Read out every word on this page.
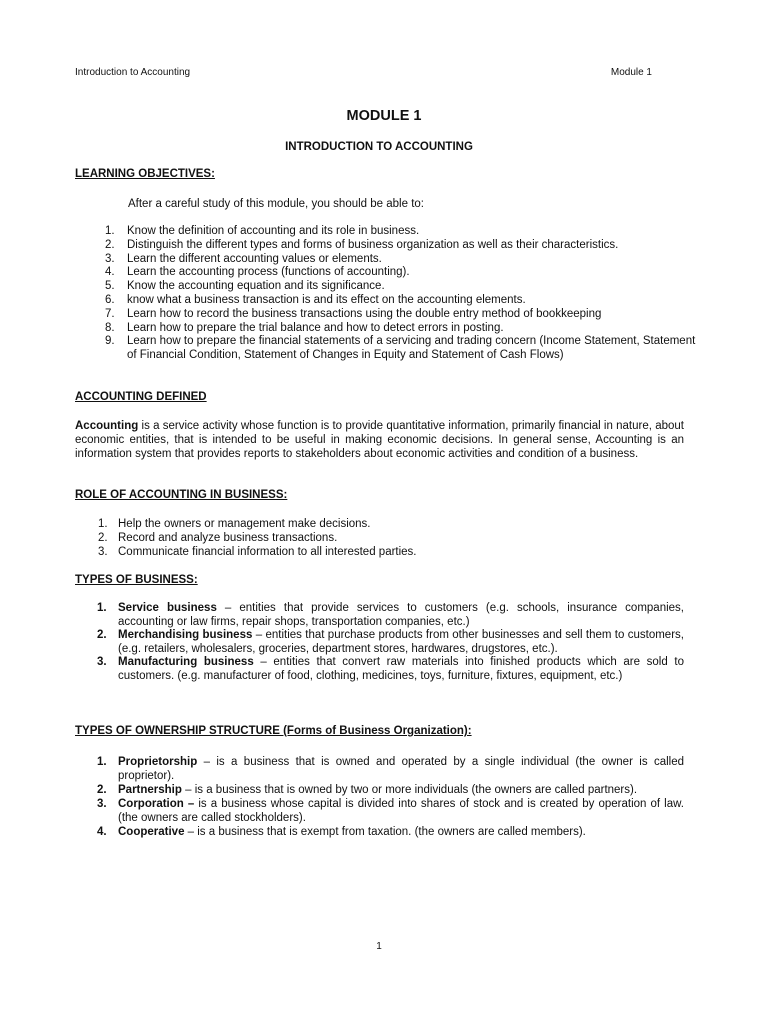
Introduction to Accounting	Module 1
MODULE 1
INTRODUCTION TO ACCOUNTING
LEARNING OBJECTIVES:
After a careful study of this module, you should be able to:
1. Know the definition of accounting and its role in business.
2. Distinguish the different types and forms of business organization as well as their characteristics.
3. Learn the different accounting values or elements.
4. Learn the accounting process (functions of accounting).
5. Know the accounting equation and its significance.
6. know what a business transaction is and its effect on the accounting elements.
7. Learn how to record the business transactions using the double entry method of bookkeeping
8. Learn how to prepare the trial balance and how to detect errors in posting.
9. Learn how to prepare the financial statements of a servicing and trading concern (Income Statement, Statement of Financial Condition, Statement of Changes in Equity and Statement of Cash Flows)
ACCOUNTING DEFINED
Accounting is a service activity whose function is to provide quantitative information, primarily financial in nature, about economic entities, that is intended to be useful in making economic decisions. In general sense, Accounting is an information system that provides reports to stakeholders about economic activities and condition of a business.
ROLE OF ACCOUNTING IN BUSINESS:
1. Help the owners or management make decisions.
2. Record and analyze business transactions.
3. Communicate financial information to all interested parties.
TYPES OF BUSINESS:
1. Service business – entities that provide services to customers (e.g. schools, insurance companies, accounting or law firms, repair shops, transportation companies, etc.)
2. Merchandising business – entities that purchase products from other businesses and sell them to customers, (e.g. retailers, wholesalers, groceries, department stores, hardwares, drugstores, etc.).
3. Manufacturing business – entities that convert raw materials into finished products which are sold to customers. (e.g. manufacturer of food, clothing, medicines, toys, furniture, fixtures, equipment, etc.)
TYPES OF OWNERSHIP STRUCTURE (Forms of Business Organization):
1. Proprietorship – is a business that is owned and operated by a single individual (the owner is called proprietor).
2. Partnership – is a business that is owned by two or more individuals (the owners are called partners).
3. Corporation – is a business whose capital is divided into shares of stock and is created by operation of law. (the owners are called stockholders).
4. Cooperative – is a business that is exempt from taxation. (the owners are called members).
1
